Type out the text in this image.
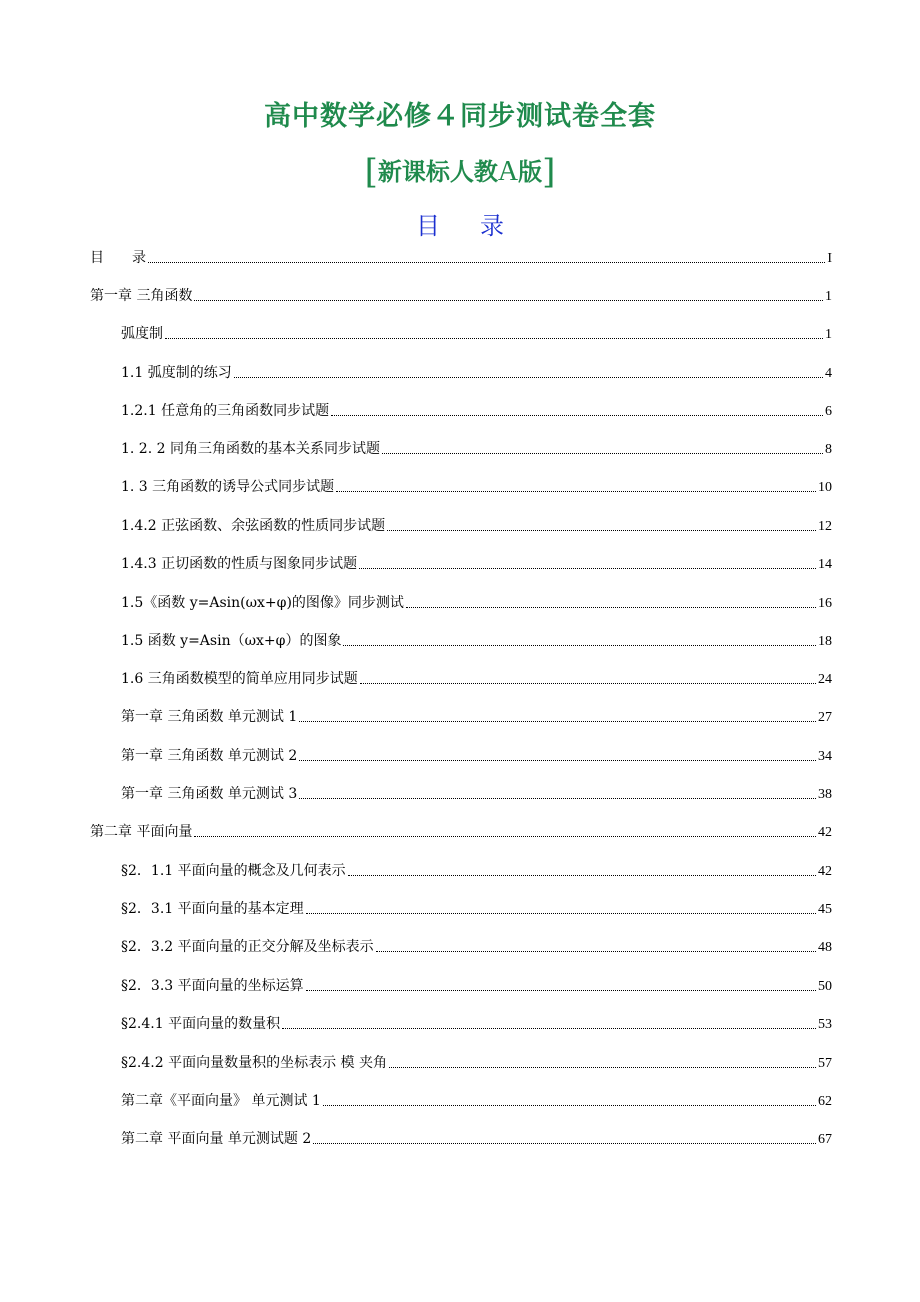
高中数学必修４同步测试卷全套
[新课标人教A版]
目 录
目　　录	I
第一章 三角函数	1
弧度制	1
1.1 弧度制的练习	4
1.2.1 任意角的三角函数同步试题	6
1. 2. 2 同角三角函数的基本关系同步试题	8
1. 3 三角函数的诱导公式同步试题	10
1.4.2 正弦函数、余弦函数的性质同步试题	12
1.4.3 正切函数的性质与图象同步试题	14
1.5《函数 y=Asin(ωx+φ)的图像》同步测试	16
1.5 函数 y=Asin（ωx+φ）的图象	18
1.6 三角函数模型的简单应用同步试题	24
第一章 三角函数 单元测试 1	27
第一章 三角函数 单元测试 2	34
第一章 三角函数 单元测试 3	38
第二章 平面向量	42
§2．1.1 平面向量的概念及几何表示	42
§2．3.1 平面向量的基本定理	45
§2．3.2 平面向量的正交分解及坐标表示	48
§2．3.3 平面向量的坐标运算	50
§2.4.1 平面向量的数量积	53
§2.4.2 平面向量数量积的坐标表示 模 夹角	57
第二章《平面向量》 单元测试 1	62
第二章 平面向量 单元测试题 2	67
